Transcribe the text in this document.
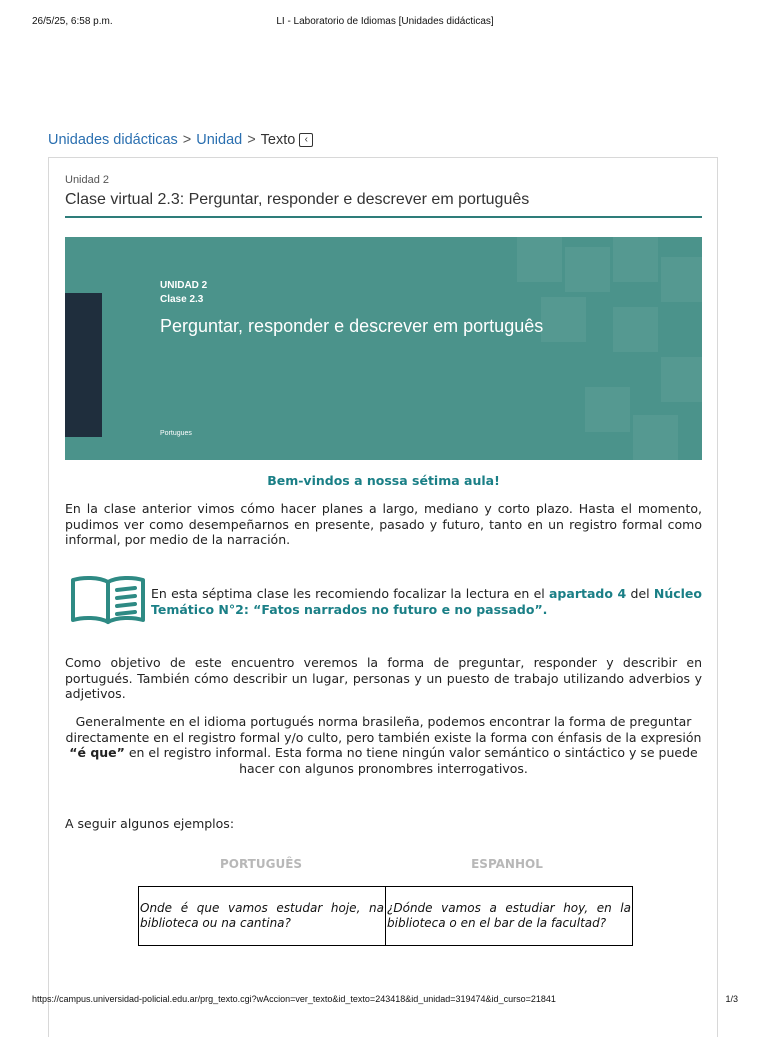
26/5/25, 6:58 p.m.	LI - Laboratorio de Idiomas [Unidades didácticas]
Unidades didácticas > Unidad > Texto ‹
Unidad 2
Clase virtual 2.3: Perguntar, responder e descrever em português
UNIDAD 2
Clase 2.3
Perguntar, responder e descrever em português
Portugues
Bem-vindos a nossa sétima aula!

En la clase anterior vimos cómo hacer planes a largo, mediano y corto plazo. Hasta el momento, pudimos ver como desempeñarnos en presente, pasado y futuro, tanto en un registro formal como informal, por medio de la narración.

En esta séptima clase les recomiendo focalizar la lectura en el apartado 4 del Núcleo Temático N°2: “Fatos narrados no futuro e no passado”.

Como objetivo de este encuentro veremos la forma de preguntar, responder y describir en portugués. También cómo describir un lugar, personas y un puesto de trabajo utilizando adverbios y adjetivos.

Generalmente en el idioma portugués norma brasileña, podemos encontrar la forma de preguntar directamente en el registro formal y/o culto, pero también existe la forma con énfasis de la expresión “é que” en el registro informal. Esta forma no tiene ningún valor semántico o sintáctico y se puede hacer con algunos pronombres interrogativos.

A seguir algunos ejemplos:

PORTUGUÊS	ESPANHOL
Onde é que vamos estudar hoje, na biblioteca ou na cantina?	¿Dónde vamos a estudiar hoy, en la biblioteca o en el bar de la facultad?
https://campus.universidad-policial.edu.ar/prg_texto.cgi?wAccion=ver_texto&id_texto=243418&id_unidad=319474&id_curso=21841	1/3
